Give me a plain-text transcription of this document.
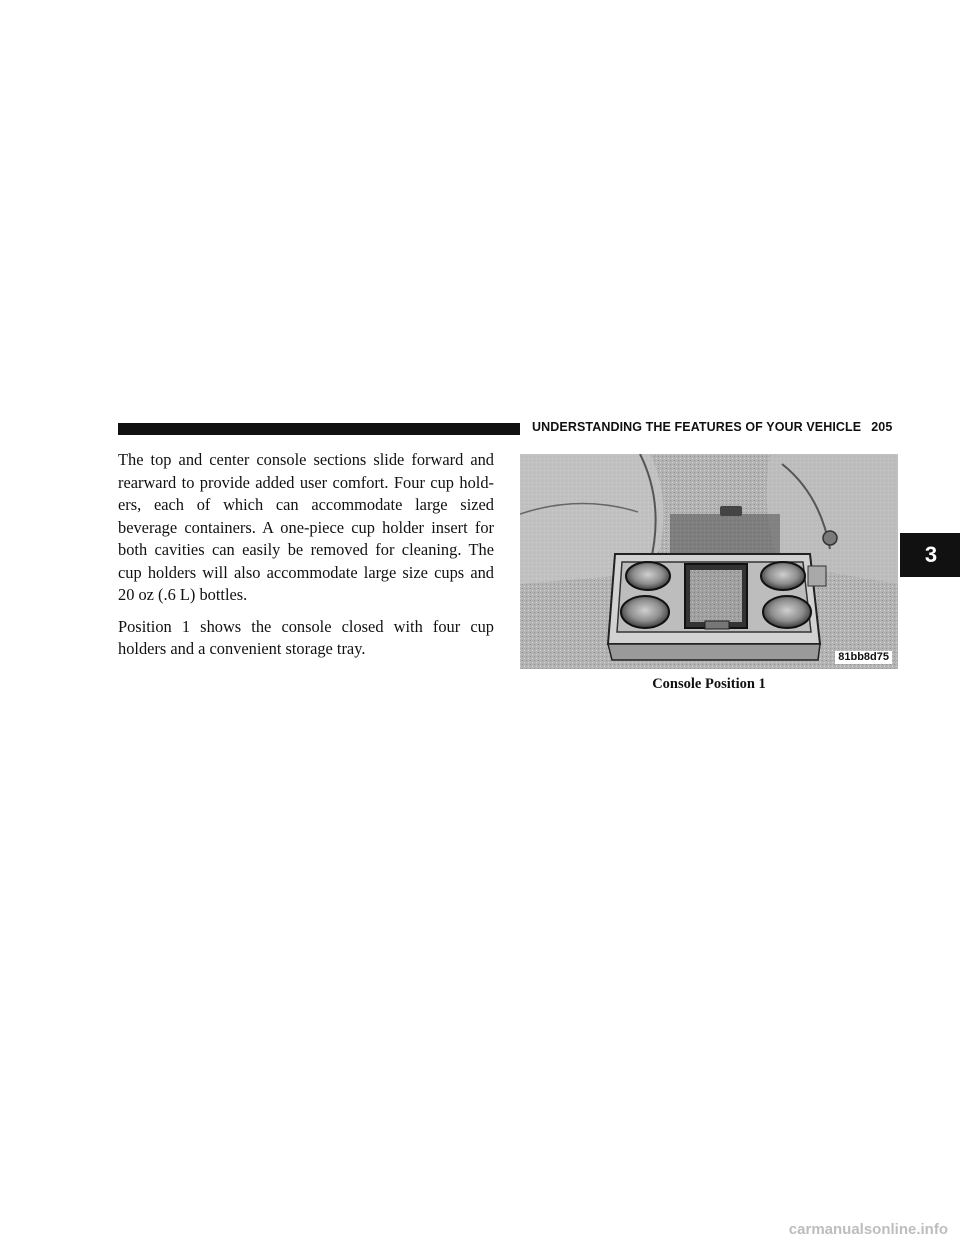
UNDERSTANDING THE FEATURES OF YOUR VEHICLE 205

The top and center console sections slide forward and rearward to provide added user comfort. Four cup holders, each of which can accommodate large sized beverage containers. A one-piece cup holder insert for both cavities can easily be removed for cleaning. The cup holders will also accommodate large size cups and 20 oz (.6 L) bottles.

Position 1 shows the console closed with four cup holders and a convenient storage tray.	81bb8d75
Console Position 1
3
carmanualsonline.info
